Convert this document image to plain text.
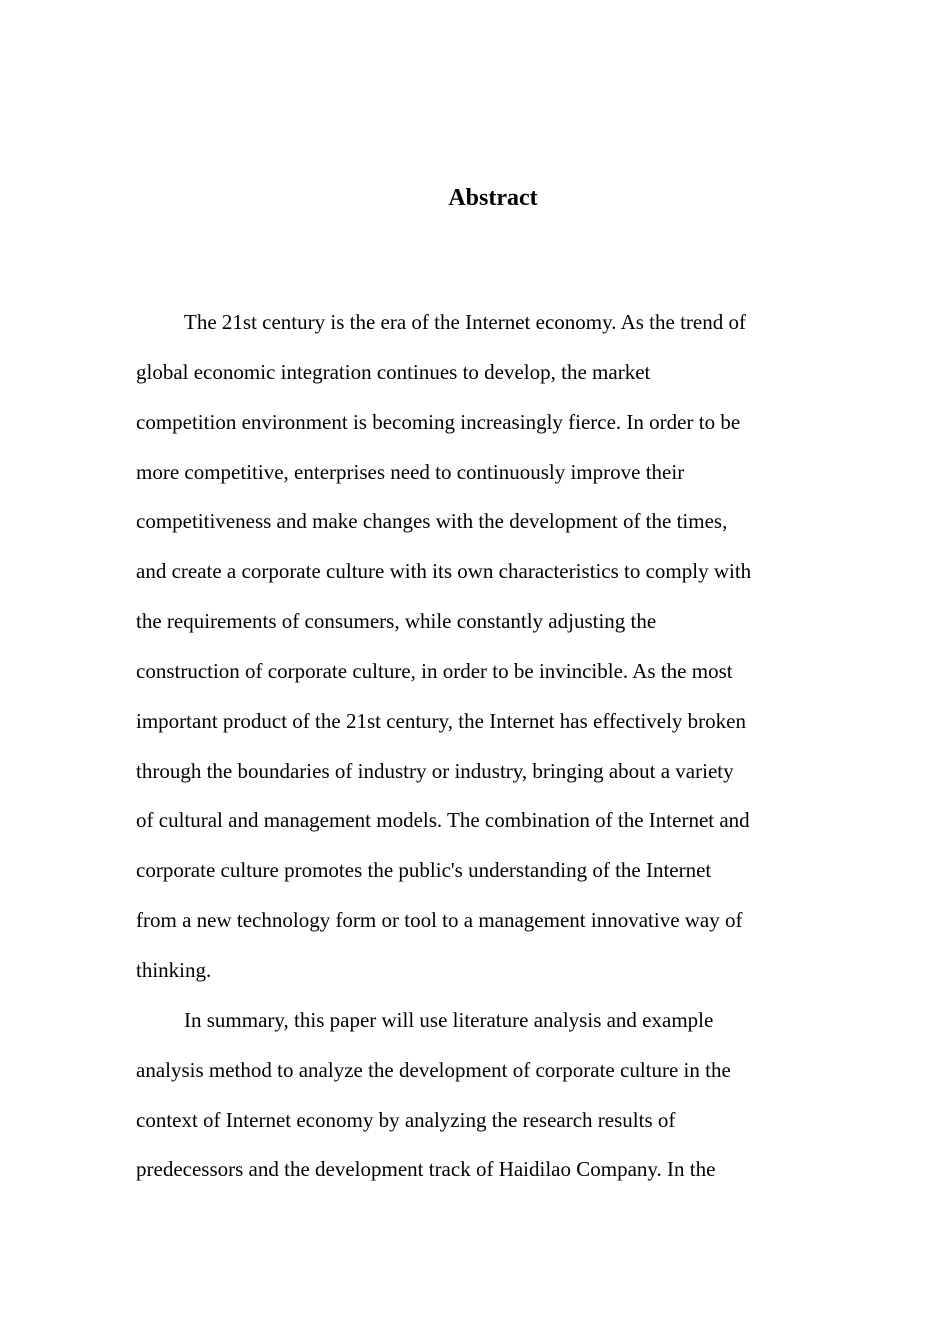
Abstract
The 21st century is the era of the Internet economy. As the trend of
global economic integration continues to develop, the market
competition environment is becoming increasingly fierce. In order to be
more competitive, enterprises need to continuously improve their
competitiveness and make changes with the development of the times,
and create a corporate culture with its own characteristics to comply with
the requirements of consumers, while constantly adjusting the
construction of corporate culture, in order to be invincible. As the most
important product of the 21st century, the Internet has effectively broken
through the boundaries of industry or industry, bringing about a variety
of cultural and management models. The combination of the Internet and
corporate culture promotes the public's understanding of the Internet
from a new technology form or tool to a management innovative way of
thinking.
In summary, this paper will use literature analysis and example
analysis method to analyze the development of corporate culture in the
context of Internet economy by analyzing the research results of
predecessors and the development track of Haidilao Company. In the
